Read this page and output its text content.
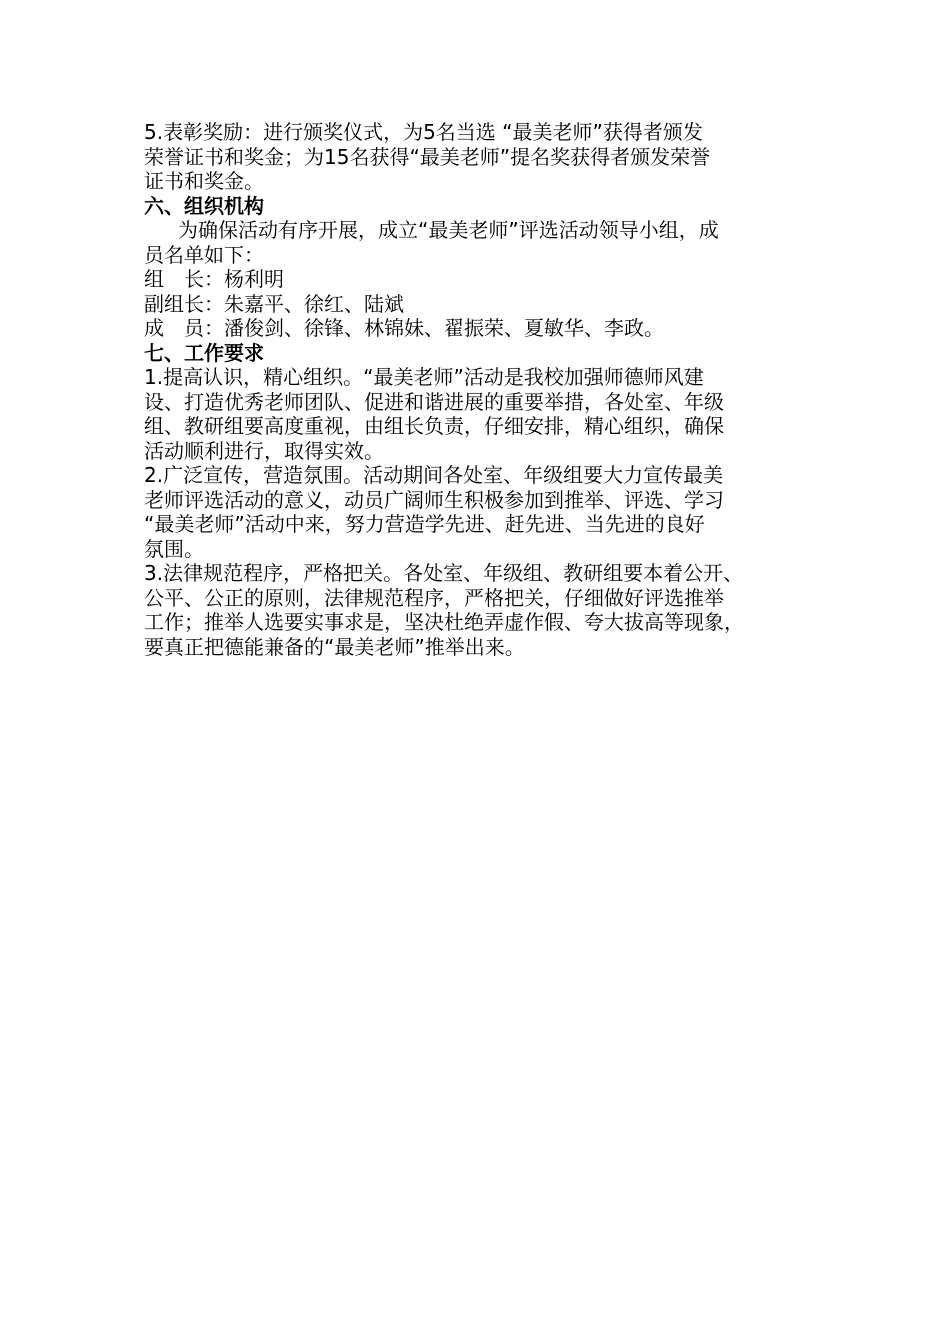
5.表彰奖励：进行颁奖仪式，为5名当选 “最美老师”获得者颁发
荣誉证书和奖金；为15名获得“最美老师”提名奖获得者颁发荣誉
证书和奖金。
六、组织机构
为确保活动有序开展，成立“最美老师”评选活动领导小组，成
员名单如下：
组　长：杨利明
副组长：朱嘉平、徐红、陆斌
成　员：潘俊剑、徐锋、林锦妹、翟振荣、夏敏华、李政。
七、工作要求
1.提高认识，精心组织。“最美老师”活动是我校加强师德师风建
设、打造优秀老师团队、促进和谐进展的重要举措，各处室、年级
组、教研组要高度重视，由组长负责，仔细安排，精心组织，确保
活动顺利进行，取得实效。
2.广泛宣传，营造氛围。活动期间各处室、年级组要大力宣传最美
老师评选活动的意义，动员广阔师生积极参加到推举、评选、学习
“最美老师”活动中来，努力营造学先进、赶先进、当先进的良好
氛围。
3.法律规范程序，严格把关。各处室、年级组、教研组要本着公开、
公平、公正的原则，法律规范程序，严格把关，仔细做好评选推举
工作；推举人选要实事求是，坚决杜绝弄虚作假、夸大拔高等现象，
要真正把德能兼备的“最美老师”推举出来。
